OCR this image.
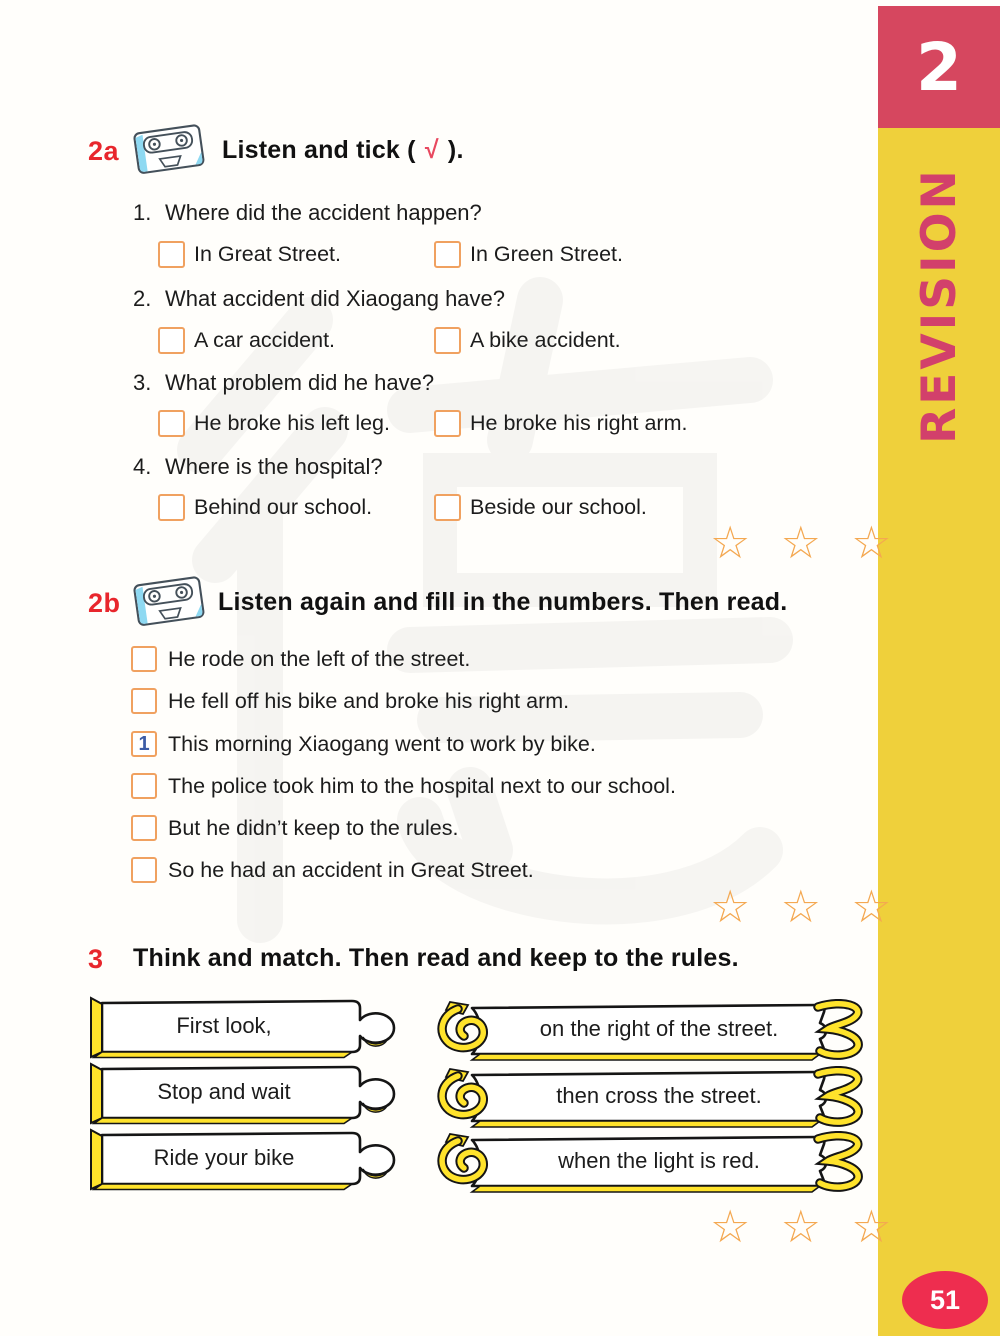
2
REVISION
51
2a	Listen and tick ( √ ).
1. Where did the accident happen?
In Great Street.	In Green Street.
2. What accident did Xiaogang have?
A car accident.	A bike accident.
3. What problem did he have?
He broke his left leg.	He broke his right arm.
4. Where is the hospital?
Behind our school.	Beside our school.
☆ ☆ ☆
2b	Listen again and fill in the numbers. Then read.
He rode on the left of the street.
He fell off his bike and broke his right arm.
1 This morning Xiaogang went to work by bike.
The police took him to the hospital next to our school.
But he didn’t keep to the rules.
So he had an accident in Great Street.
☆ ☆ ☆
3 Think and match. Then read and keep to the rules.
First look,
Stop and wait
Ride your bike
on the right of the street.
then cross the street.
when the light is red.
☆ ☆ ☆
